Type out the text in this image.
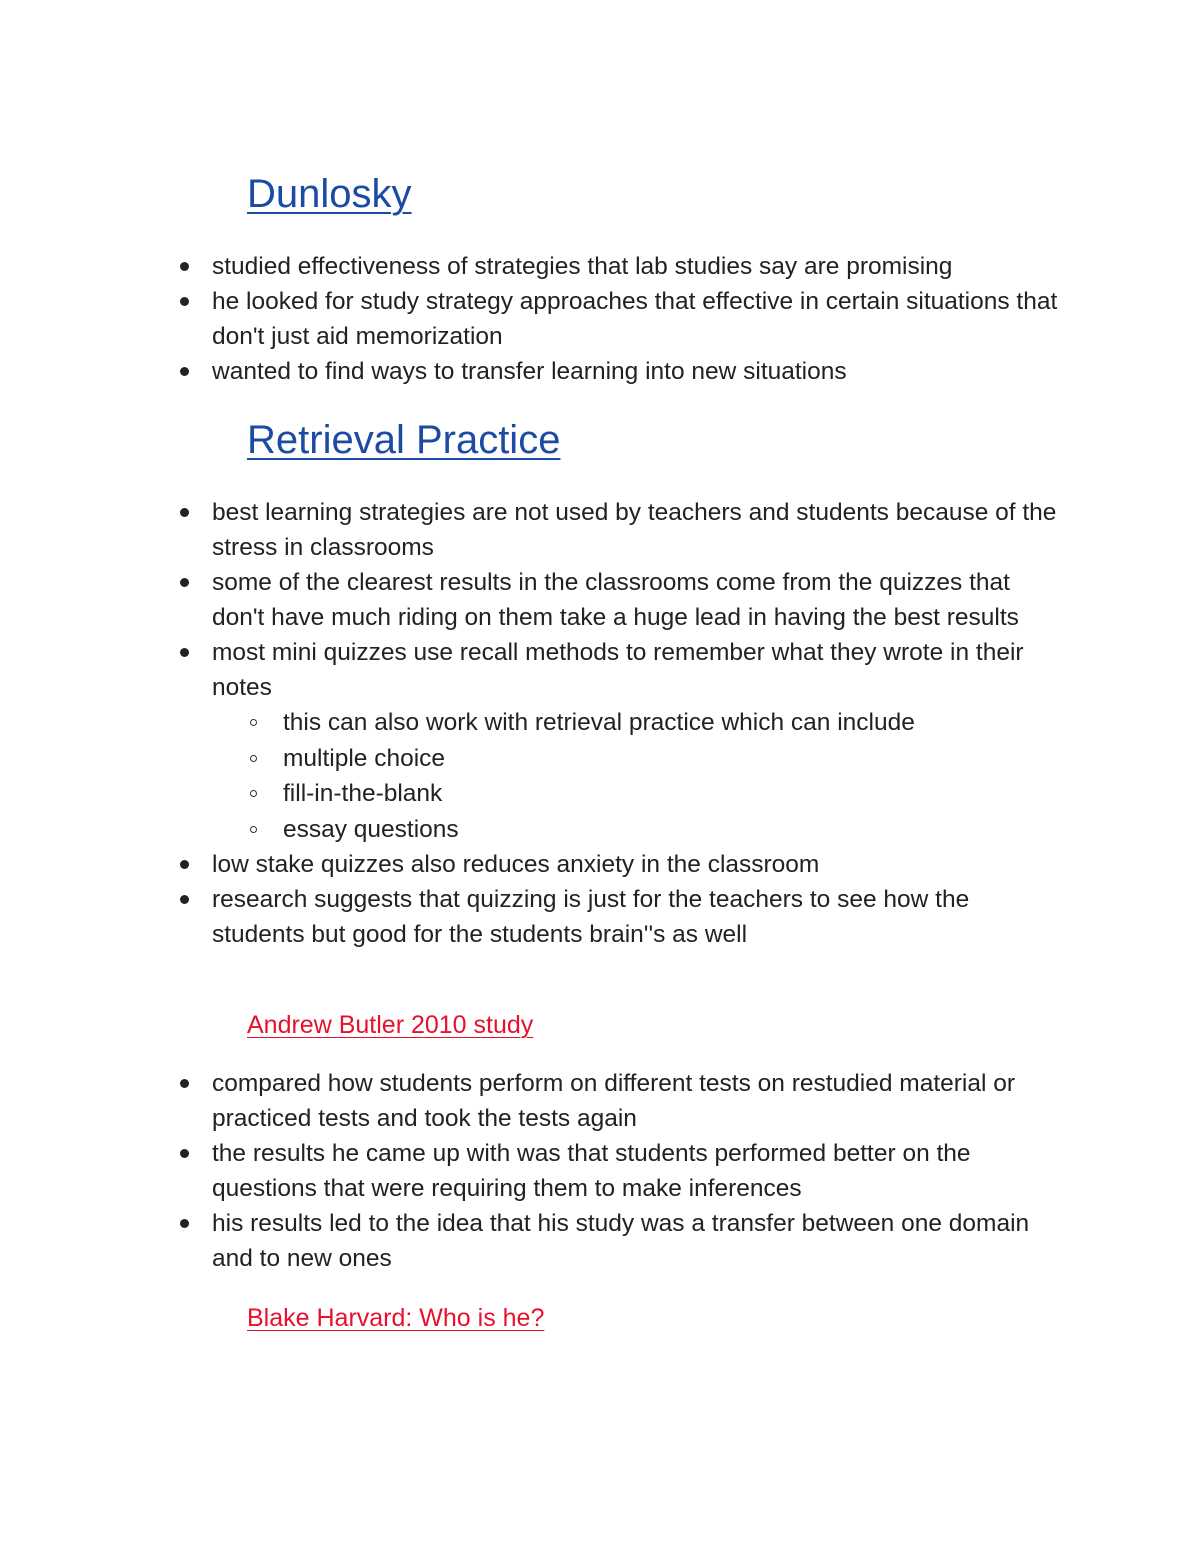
Dunlosky
studied effectiveness of strategies that lab studies say are promising
he looked for study strategy approaches that effective in certain situations that don't just aid memorization
wanted to find ways to transfer learning into new situations
Retrieval Practice
best learning strategies are not used by teachers and students because of the stress in classrooms
some of the clearest results in the classrooms come from the quizzes that don't have much riding on them take a huge lead in having the best results
most mini quizzes use recall methods to remember what they wrote in their notes
this can also work with retrieval practice which can include
multiple choice
fill-in-the-blank
essay questions
low stake quizzes also reduces anxiety in the classroom
research suggests that quizzing is just for the teachers to see how the students but good for the students brain''s as well
Andrew Butler 2010 study
compared how students perform on different tests on restudied material or practiced tests and took the tests again
the results he came up with was that students performed better on the questions that were requiring them to make inferences
his results led to the idea that his study was a transfer between one domain and to new ones
Blake Harvard: Who is he?
